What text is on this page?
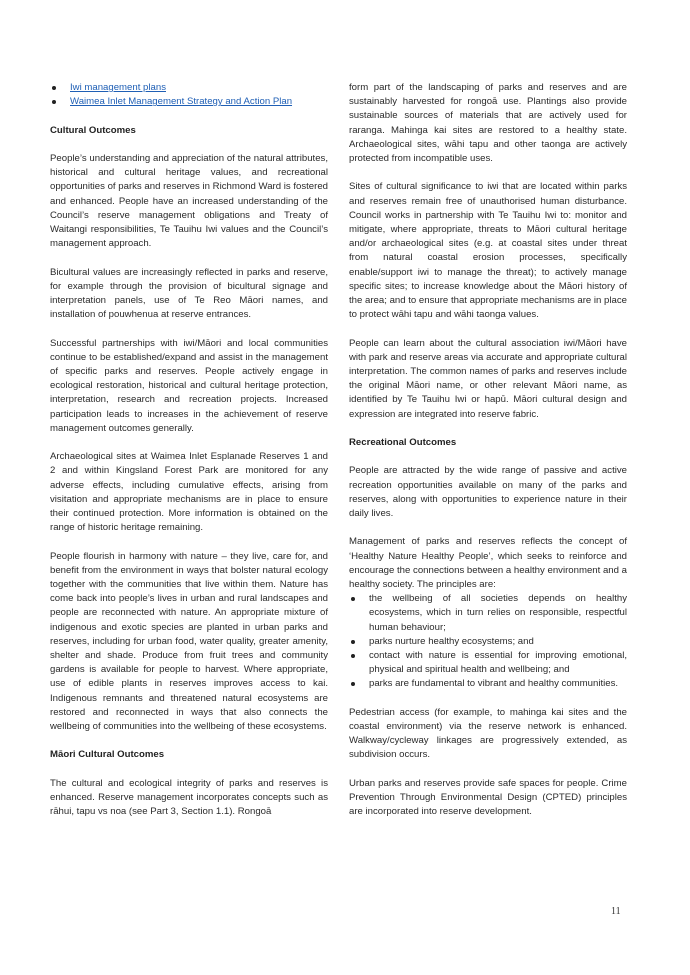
Iwi management plans
Waimea Inlet Management Strategy and Action Plan
Cultural Outcomes

People’s understanding and appreciation of the natural attributes, historical and cultural heritage values, and recreational opportunities of parks and reserves in Richmond Ward is fostered and enhanced. People have an increased understanding of the Council’s reserve management obligations and Treaty of Waitangi responsibilities, Te Tauihu Iwi values and the Council’s management approach.

Bicultural values are increasingly reflected in parks and reserve, for example through the provision of bicultural signage and interpretation panels, use of Te Reo Māori names, and installation of pouwhenua at reserve entrances.

Successful partnerships with iwi/Māori and local communities continue to be established/expand and assist in the management of specific parks and reserves. People actively engage in ecological restoration, historical and cultural heritage protection, interpretation, research and recreation projects. Increased participation leads to increases in the achievement of reserve management outcomes generally.

Archaeological sites at Waimea Inlet Esplanade Reserves 1 and 2 and within Kingsland Forest Park are monitored for any adverse effects, including cumulative effects, arising from visitation and appropriate mechanisms are in place to ensure their continued protection. More information is obtained on the range of historic heritage remaining.

People flourish in harmony with nature – they live, care for, and benefit from the environment in ways that bolster natural ecology together with the communities that live within them. Nature has come back into people’s lives in urban and rural landscapes and people are reconnected with nature. An appropriate mixture of indigenous and exotic species are planted in urban parks and reserves, including for urban food, water quality, greater amenity, shelter and shade. Produce from fruit trees and community gardens is available for people to harvest. Where appropriate, use of edible plants in reserves improves access to kai. Indigenous remnants and threatened natural ecosystems are restored and reconnected in ways that also connects the wellbeing of communities into the wellbeing of these ecosystems.

Māori Cultural Outcomes

The cultural and ecological integrity of parks and reserves is enhanced. Reserve management incorporates concepts such as rāhui, tapu vs noa (see Part 3, Section 1.1). Rongoā

form part of the landscaping of parks and reserves and are sustainably harvested for rongoā use. Plantings also provide sustainable sources of materials that are actively used for raranga. Mahinga kai sites are restored to a healthy state. Archaeological sites, wāhi tapu and other taonga are actively protected from incompatible uses.

Sites of cultural significance to iwi that are located within parks and reserves remain free of unauthorised human disturbance. Council works in partnership with Te Tauihu Iwi to: monitor and mitigate, where appropriate, threats to Māori cultural heritage and/or archaeological sites (e.g. at coastal sites under threat from natural coastal erosion processes, specifically enable/support iwi to manage the threat); to actively manage specific sites; to increase knowledge about the Māori history of the area; and to ensure that appropriate mechanisms are in place to protect wāhi tapu and wāhi taonga values.

People can learn about the cultural association iwi/Māori have with park and reserve areas via accurate and appropriate cultural interpretation. The common names of parks and reserves include the original Māori name, or other relevant Māori name, as identified by Te Tauihu Iwi or hapū. Māori cultural design and expression are integrated into reserve fabric.

Recreational Outcomes

People are attracted by the wide range of passive and active recreation opportunities available on many of the parks and reserves, along with opportunities to experience nature in their daily lives.

Management of parks and reserves reflects the concept of ‘Healthy Nature Healthy People’, which seeks to reinforce and encourage the connections between a healthy environment and a healthy society. The principles are:

the wellbeing of all societies depends on healthy ecosystems, which in turn relies on responsible, respectful human behaviour;
parks nurture healthy ecosystems; and
contact with nature is essential for improving emotional, physical and spiritual health and wellbeing; and
parks are fundamental to vibrant and healthy communities.

Pedestrian access (for example, to mahinga kai sites and the coastal environment) via the reserve network is enhanced. Walkway/cycleway linkages are progressively extended, as subdivision occurs.

Urban parks and reserves provide safe spaces for people. Crime Prevention Through Environmental Design (CPTED) principles are incorporated into reserve development.

11
